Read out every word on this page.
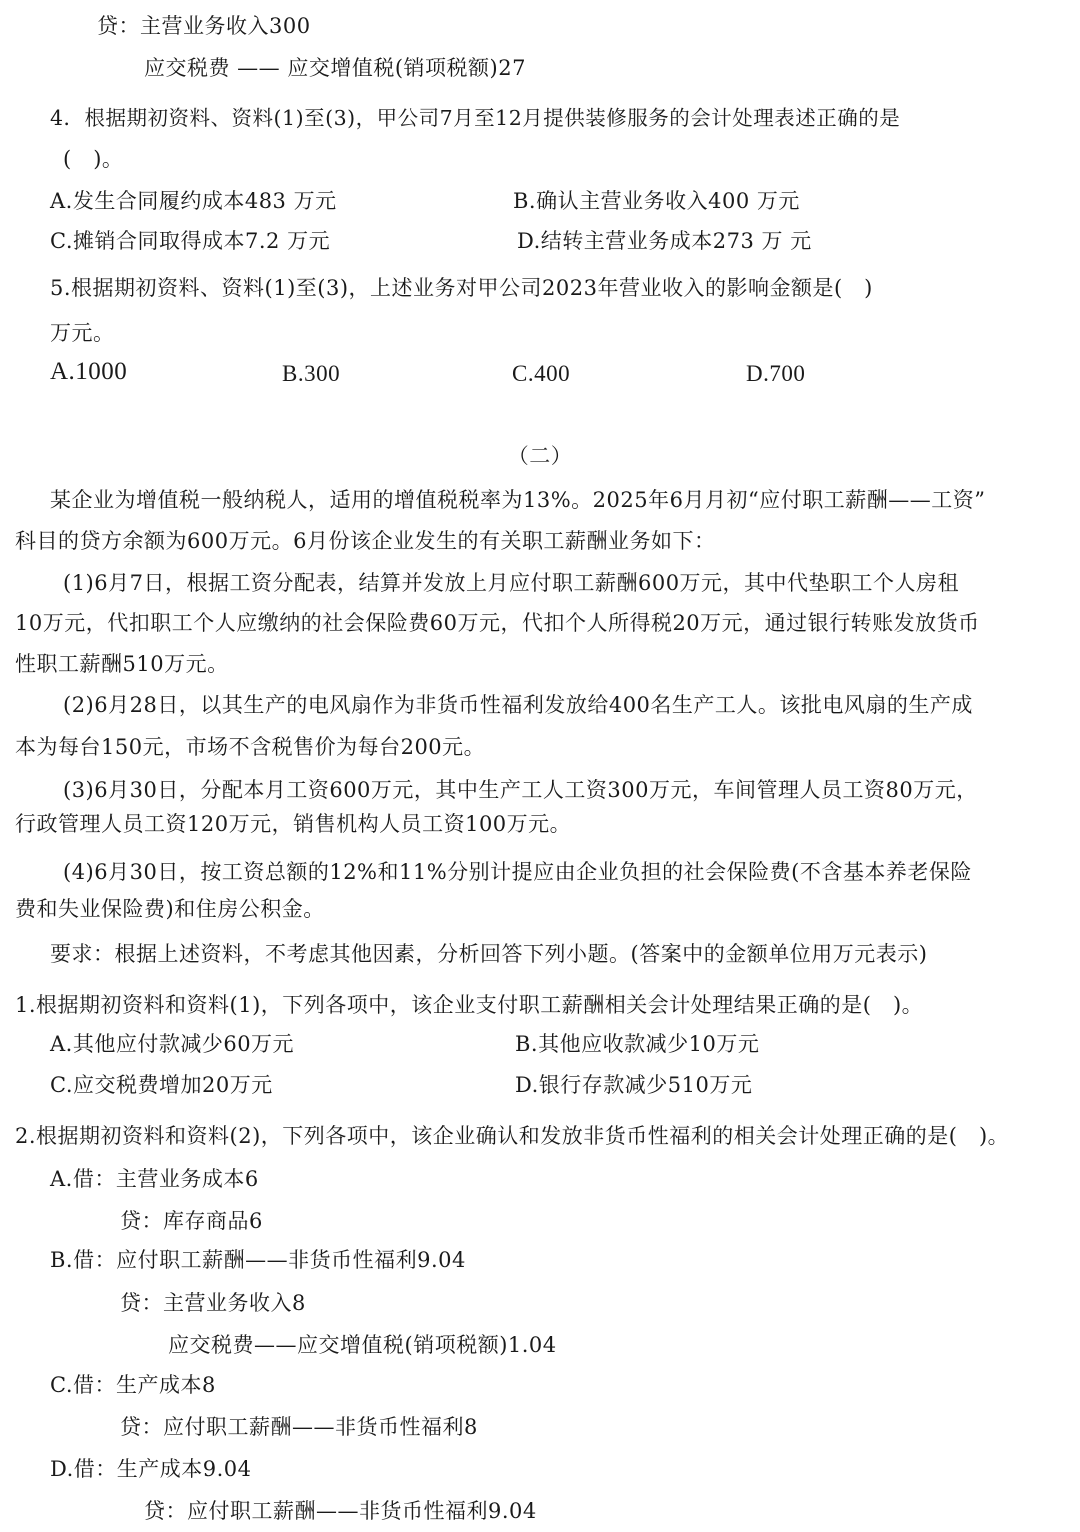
贷：主营业务收入300
应交税费 —— 应交增值税(销项税额)27
4．根据期初资料、资料(1)至(3)，甲公司7月至12月提供装修服务的会计处理表述正确的是
(　)。
A.发生合同履约成本483 万元	B.确认主营业务收入400 万元
C.摊销合同取得成本7.2 万元	D.结转主营业务成本273 万 元
5.根据期初资料、资料(1)至(3)，上述业务对甲公司2023年营业收入的影响金额是(　)
万元。
A.1000	B.300	C.400	D.700
（二）
某企业为增值税一般纳税人，适用的增值税税率为13%。2025年6月月初“应付职工薪酬——工资”
科目的贷方余额为600万元。6月份该企业发生的有关职工薪酬业务如下：
(1)6月7日，根据工资分配表，结算并发放上月应付职工薪酬600万元，其中代垫职工个人房租
10万元，代扣职工个人应缴纳的社会保险费60万元，代扣个人所得税20万元，通过银行转账发放货币
性职工薪酬510万元。
(2)6月28日，以其生产的电风扇作为非货币性福利发放给400名生产工人。该批电风扇的生产成
本为每台150元，市场不含税售价为每台200元。
(3)6月30日，分配本月工资600万元，其中生产工人工资300万元，车间管理人员工资80万元，
行政管理人员工资120万元，销售机构人员工资100万元。
(4)6月30日，按工资总额的12%和11%分别计提应由企业负担的社会保险费(不含基本养老保险
费和失业保险费)和住房公积金。
要求：根据上述资料，不考虑其他因素，分析回答下列小题。(答案中的金额单位用万元表示)
1.根据期初资料和资料(1)，下列各项中，该企业支付职工薪酬相关会计处理结果正确的是(　)。
A.其他应付款减少60万元	B.其他应收款减少10万元
C.应交税费增加20万元	D.银行存款减少510万元
2.根据期初资料和资料(2)，下列各项中，该企业确认和发放非货币性福利的相关会计处理正确的是(　)。
A.借：主营业务成本6
贷：库存商品6
B.借：应付职工薪酬——非货币性福利9.04
贷：主营业务收入8
应交税费——应交增值税(销项税额)1.04
C.借：生产成本8
贷：应付职工薪酬——非货币性福利8
D.借：生产成本9.04
贷：应付职工薪酬——非货币性福利9.04
